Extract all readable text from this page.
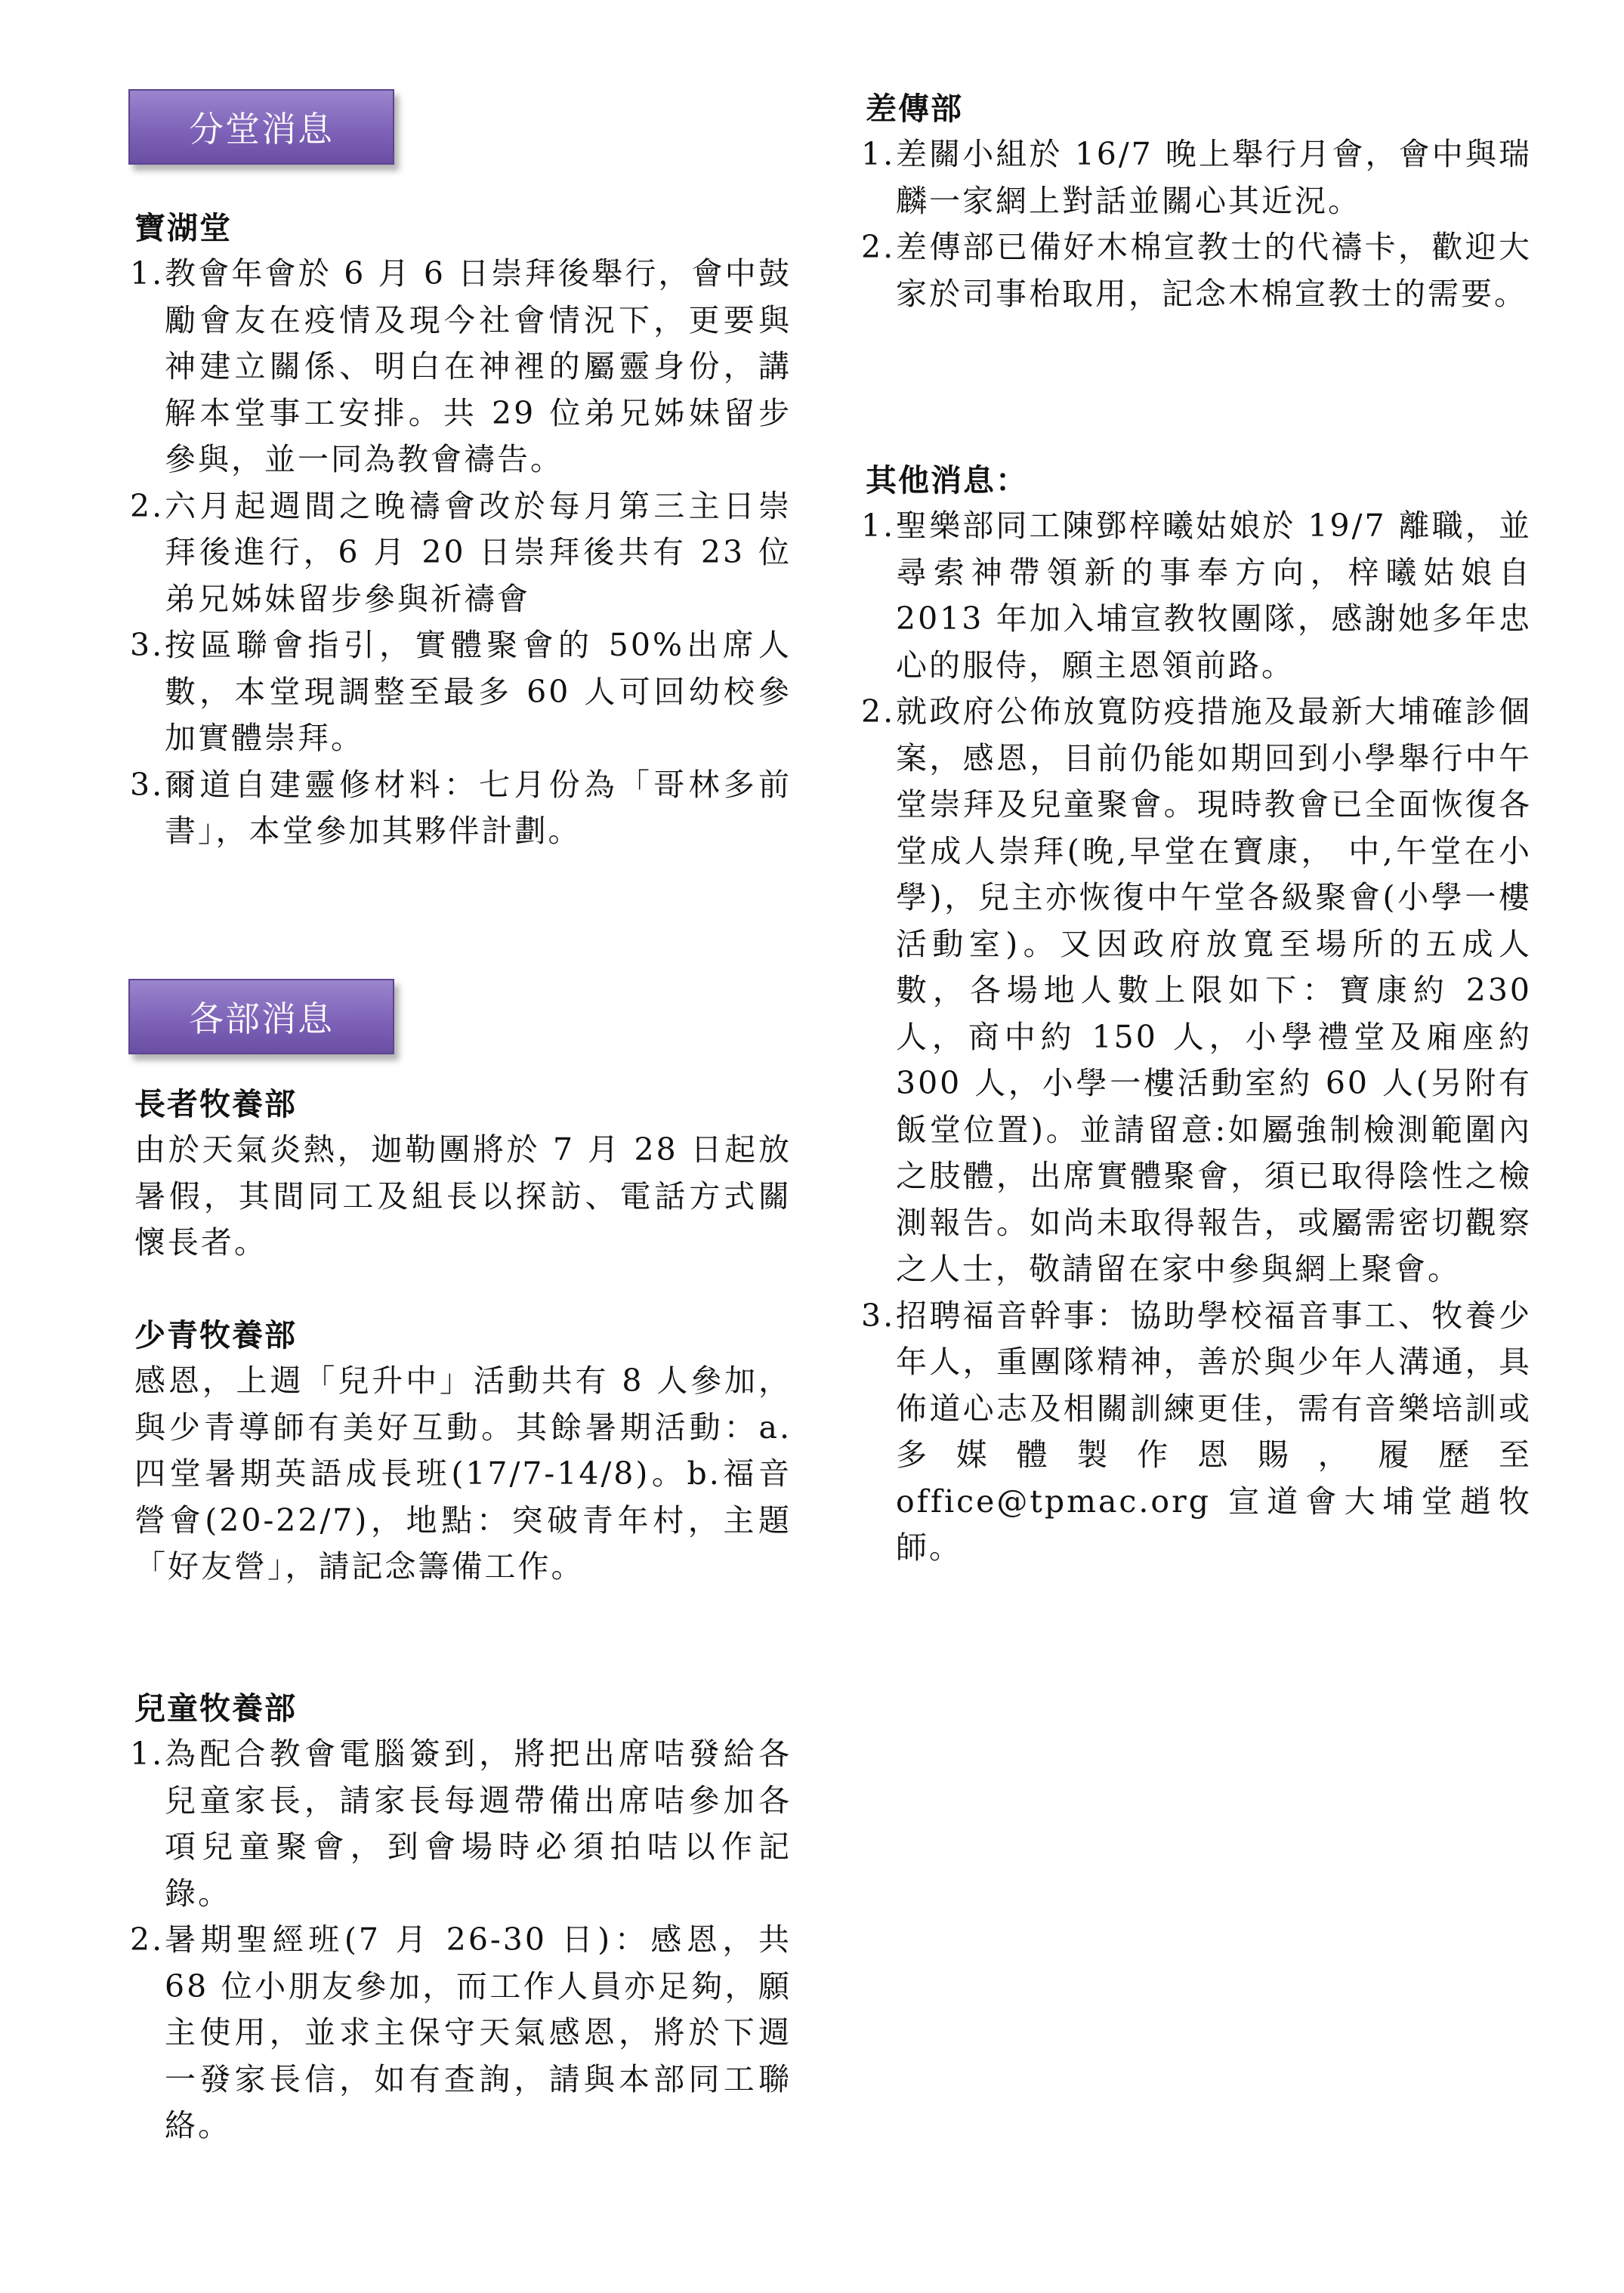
分堂消息
寶湖堂
1. 教會年會於 6 月 6 日崇拜後舉行，會中鼓勵會友在疫情及現今社會情況下，更要與神建立關係、明白在神裡的屬靈身份，講解本堂事工安排。共 29 位弟兄姊妹留步參與，並一同為教會禱告。
2. 六月起週間之晚禱會改於每月第三主日崇拜後進行，6 月 20 日崇拜後共有 23 位弟兄姊妹留步參與祈禱會
3. 按區聯會指引，實體聚會的 50%出席人數，本堂現調整至最多 60 人可回幼校參加實體崇拜。
3. 爾道自建靈修材料：七月份為「哥林多前書」，本堂參加其夥伴計劃。
各部消息
長者牧養部
由於天氣炎熱，迦勒團將於 7 月 28 日起放暑假，其間同工及組長以探訪、電話方式關懷長者。
少青牧養部
感恩，上週「兒升中」活動共有 8 人參加，與少青導師有美好互動。其餘暑期活動：a.四堂暑期英語成長班(17/7-14/8)。b.福音營會(20-22/7)，地點：突破青年村，主題「好友營」，請記念籌備工作。
兒童牧養部
1. 為配合教會電腦簽到，將把出席咭發給各兒童家長，請家長每週帶備出席咭參加各項兒童聚會，到會場時必須拍咭以作記錄。
2. 暑期聖經班(7 月 26-30 日)：感恩，共 68 位小朋友參加，而工作人員亦足夠，願主使用，並求主保守天氣感恩，將於下週一發家長信，如有查詢，請與本部同工聯絡。
差傳部
1. 差關小組於 16/7 晚上舉行月會，會中與瑞麟一家網上對話並關心其近況。
2. 差傳部已備好木棉宣教士的代禱卡，歡迎大家於司事枱取用，記念木棉宣教士的需要。
其他消息：
1. 聖樂部同工陳鄧梓曦姑娘於 19/7 離職，並尋索神帶領新的事奉方向，梓曦姑娘自 2013 年加入埔宣教牧團隊，感謝她多年忠心的服侍，願主恩領前路。
2. 就政府公佈放寬防疫措施及最新大埔確診個案，感恩，目前仍能如期回到小學舉行中午堂崇拜及兒童聚會。現時教會已全面恢復各堂成人崇拜(晚,早堂在寶康， 中,午堂在小學)，兒主亦恢復中午堂各級聚會(小學一樓活動室)。又因政府放寬至場所的五成人數，各場地人數上限如下：寶康約 230 人，商中約 150 人，小學禮堂及廂座約 300 人，小學一樓活動室約 60 人(另附有飯堂位置)。並請留意:如屬強制檢測範圍內之肢體，出席實體聚會，須已取得陰性之檢測報告。如尚未取得報告，或屬需密切觀察之人士，敬請留在家中參與網上聚會。
3. 招聘福音幹事：協助學校福音事工、牧養少年人，重團隊精神，善於與少年人溝通，具佈道心志及相關訓練更佳，需有音樂培訓或多媒體製作恩賜，履歷至 office@tpmac.org 宣道會大埔堂趙牧師。
